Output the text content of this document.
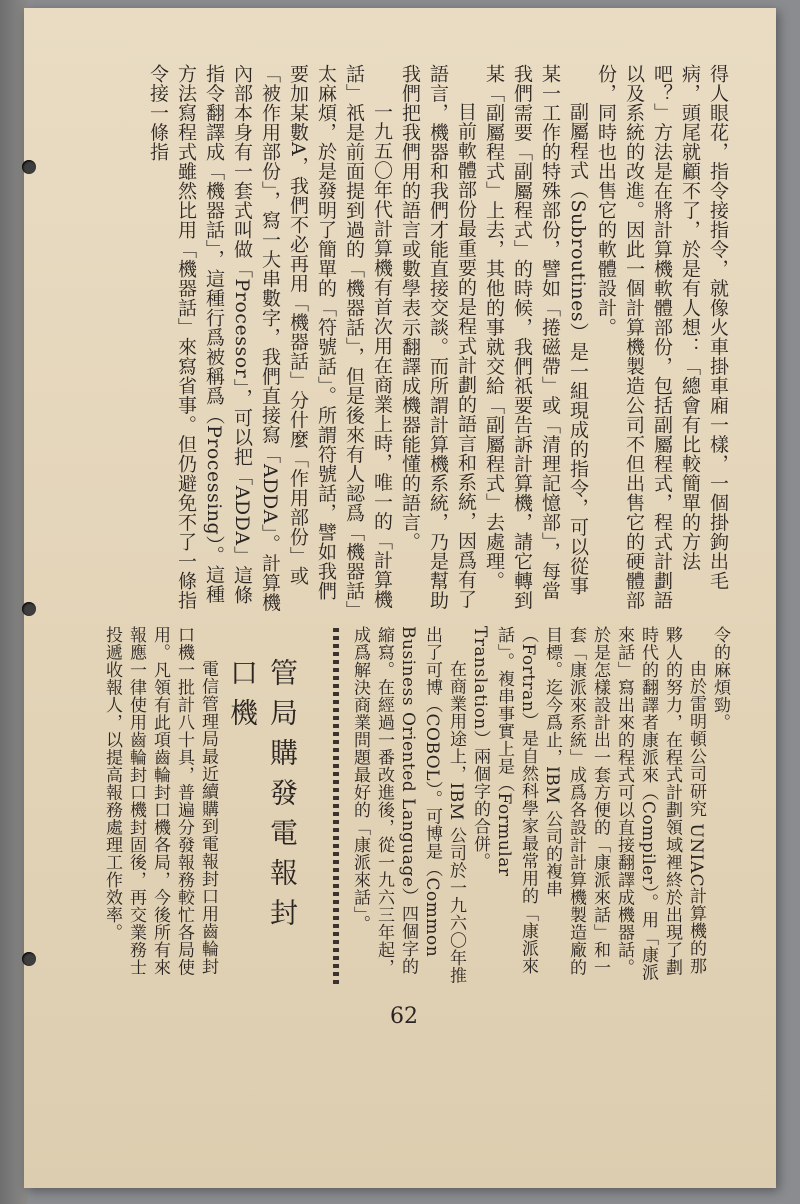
得人眼花，指令接指令，就像火車掛車廂一樣，一個掛鉤出毛病，頭尾就顧不了，於是有人想：「總會有比較簡單的方法吧？」方法是在將計算機軟體部份，包括副屬程式，程式計劃語以及系統的改進。因此一個計算機製造公司不但出售它的硬體部份，同時也出售它的軟體設計。

副屬程式（Subroutines）是一組現成的指令，可以從事某一工作的特殊部份，譬如「捲磁帶」或「清理記憶部」，每當我們需要「副屬程式」的時候，我們祇要告訴計算機，請它轉到某「副屬程式」上去，其他的事就交給「副屬程式」去處理。

目前軟體部份最重要的是程式計劃的語言和系統，因爲有了語言，機器和我們才能直接交談。而所謂計算機系統，乃是幫助我們把我們用的語言或數學表示翻譯成機器能懂的語言。

一九五〇年代計算機有首次用在商業上時，唯一的「計算機話」祇是前面提到過的「機器話」，但是後來有人認爲「機器話」太麻煩，於是發明了簡單的「符號話」。所謂符號話，譬如我們要加某數A，我們不必再用「機器話」分什麼「作用部份」或「被作用部份」，寫一大串數字，我們直接寫「ADDA」。計算機內部本身有一套式叫做「Processor」，可以把「ADDA」這條指令翻譯成「機器話」，這種行爲被稱爲（Processing）。這種方法寫程式雖然比用「機器話」來寫省事。但仍避免不了一條指令接一條指

令的麻煩勁。

由於雷明頓公司研究 UNIAC計算機的那夥人的努力，在程式計劃領域裡終於出現了劃時代的翻譯者康派來（Compiler）。用「康派來話」寫出來的程式可以直接翻譯成機器話。於是怎樣設計出一套方便的「康派來話」和一套「康派來系統」成爲各設計計算機製造廠的目標。迄今爲止，IBM 公司的複串（Fortran）是自然科學家最常用的「康派來話」。複串事實上是（Formular Translation）兩個字的合併。

在商業用途上，IBM 公司於一九六〇年推出了可博（COBOL）。可博是（Common Business Oriented Language）四個字的縮寫。在經過一番改進後，從一九六三年起，成爲解決商業問題最好的「康派來話」。

管局購發電報封口機

電信管理局最近續購到電報封口用齒輪封口機一批計八十具，普遍分發報務較忙各局使用。凡領有此項齒輪封口機各局，今後所有來報應一律使用齒輪封口機封固後，再交業務士投遞收報人，以提高報務處理工作效率。

62
